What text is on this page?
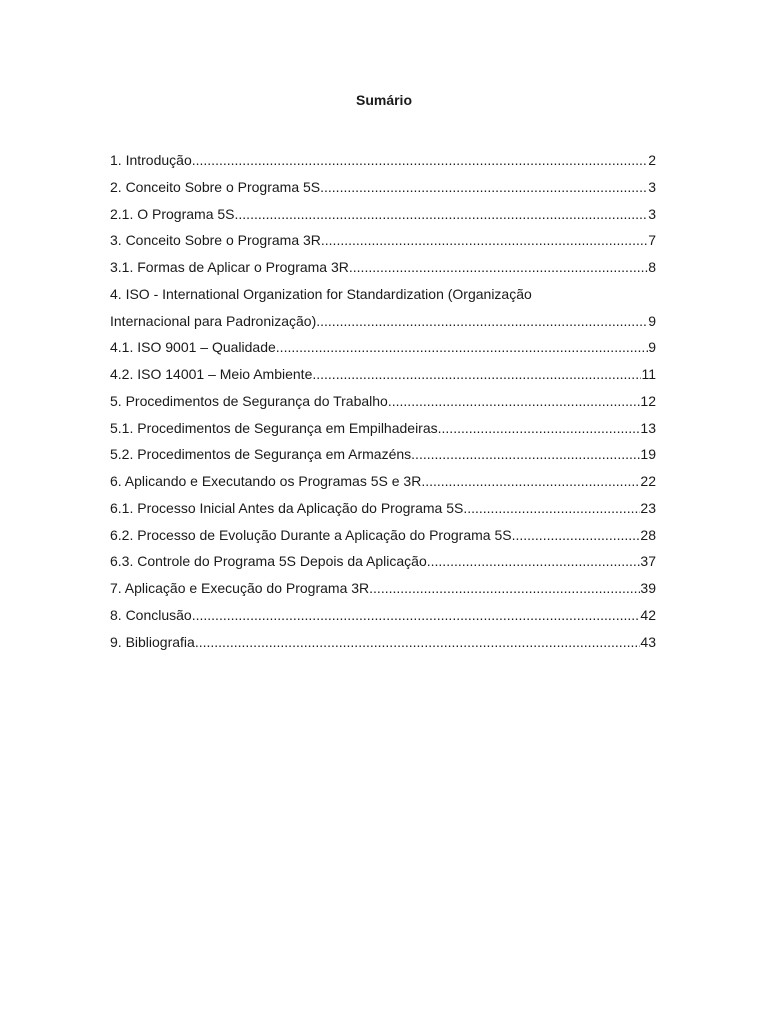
Sumário
1. Introdução .....	2
2. Conceito Sobre o Programa 5S .....	3
2.1. O Programa 5S .....	3
3. Conceito Sobre o Programa 3R .....	7
3.1. Formas de Aplicar o Programa 3R .....	8
4. ISO - International Organization for Standardization (Organização
Internacional para Padronização) .....	9
4.1. ISO 9001 – Qualidade .....	9
4.2. ISO 14001 – Meio Ambiente .....	11
5. Procedimentos de Segurança do Trabalho .....	12
5.1. Procedimentos de Segurança em Empilhadeiras .....	13
5.2. Procedimentos de Segurança em Armazéns .....	19
6. Aplicando e Executando os Programas 5S e 3R .....	22
6.1. Processo Inicial Antes da Aplicação do Programa 5S .....	23
6.2. Processo de Evolução Durante a Aplicação do Programa 5S .....	28
6.3. Controle do Programa 5S Depois da Aplicação .....	37
7. Aplicação e Execução do Programa 3R .....	39
8. Conclusão .....	42
9. Bibliografia .....	43
